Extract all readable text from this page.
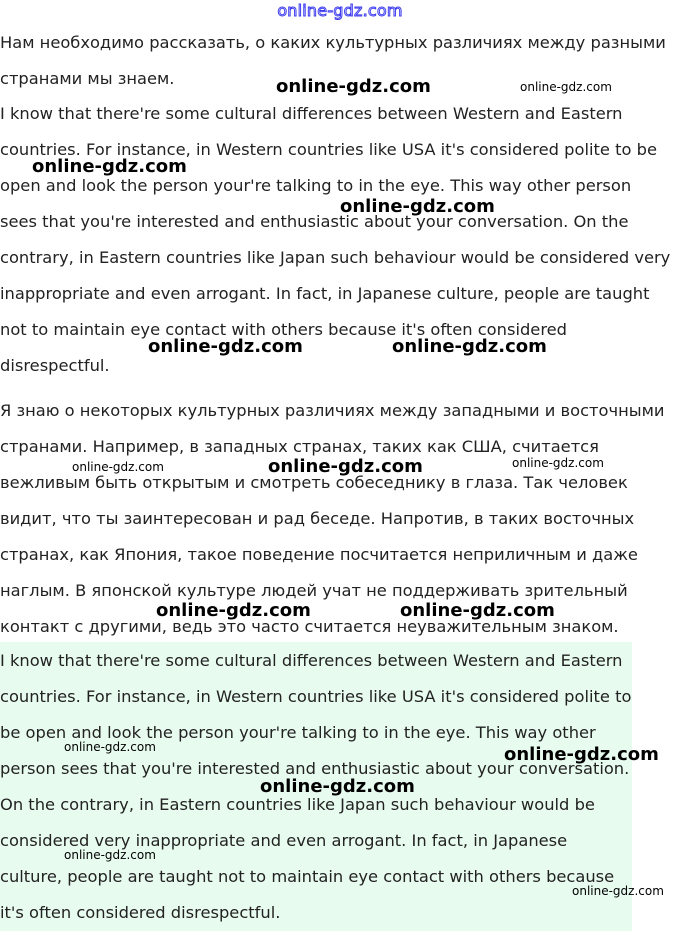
online-gdz.com

Нам необходимо рассказать, о каких культурных различиях между разными странами мы знаем.

I know that there're some cultural differences between Western and Eastern countries. For instance, in Western countries like USA it's considered polite to be open and look the person your're talking to in the eye. This way other person sees that you're interested and enthusiastic about your conversation. On the contrary, in Eastern countries like Japan such behaviour would be considered very inappropriate and even arrogant. In fact, in Japanese culture, people are taught not to maintain eye contact with others because it's often considered disrespectful.

Я знаю о некоторых культурных различиях между западными и восточными странами. Например, в западных странах, таких как США, считается вежливым быть открытым и смотреть собеседнику в глаза. Так человек видит, что ты заинтересован и рад беседе. Напротив, в таких восточных странах, как Япония, такое поведение посчитается неприличным и даже наглым. В японской культуре людей учат не поддерживать зрительный контакт с другими, ведь это часто считается неуважительным знаком.

I know that there're some cultural differences between Western and Eastern countries. For instance, in Western countries like USA it's considered polite to be open and look the person your're talking to in the eye. This way other person sees that you're interested and enthusiastic about your conversation. On the contrary, in Eastern countries like Japan such behaviour would be considered very inappropriate and even arrogant. In fact, in Japanese culture, people are taught not to maintain eye contact with others because it's often considered disrespectful.

online-gdz.com	online-gdz.com
online-gdz.com
online-gdz.com
online-gdz.com	online-gdz.com
online-gdz.com	online-gdz.com	online-gdz.com
online-gdz.com	online-gdz.com
online-gdz.com	online-gdz.com
online-gdz.com
online-gdz.com
online-gdz.com
